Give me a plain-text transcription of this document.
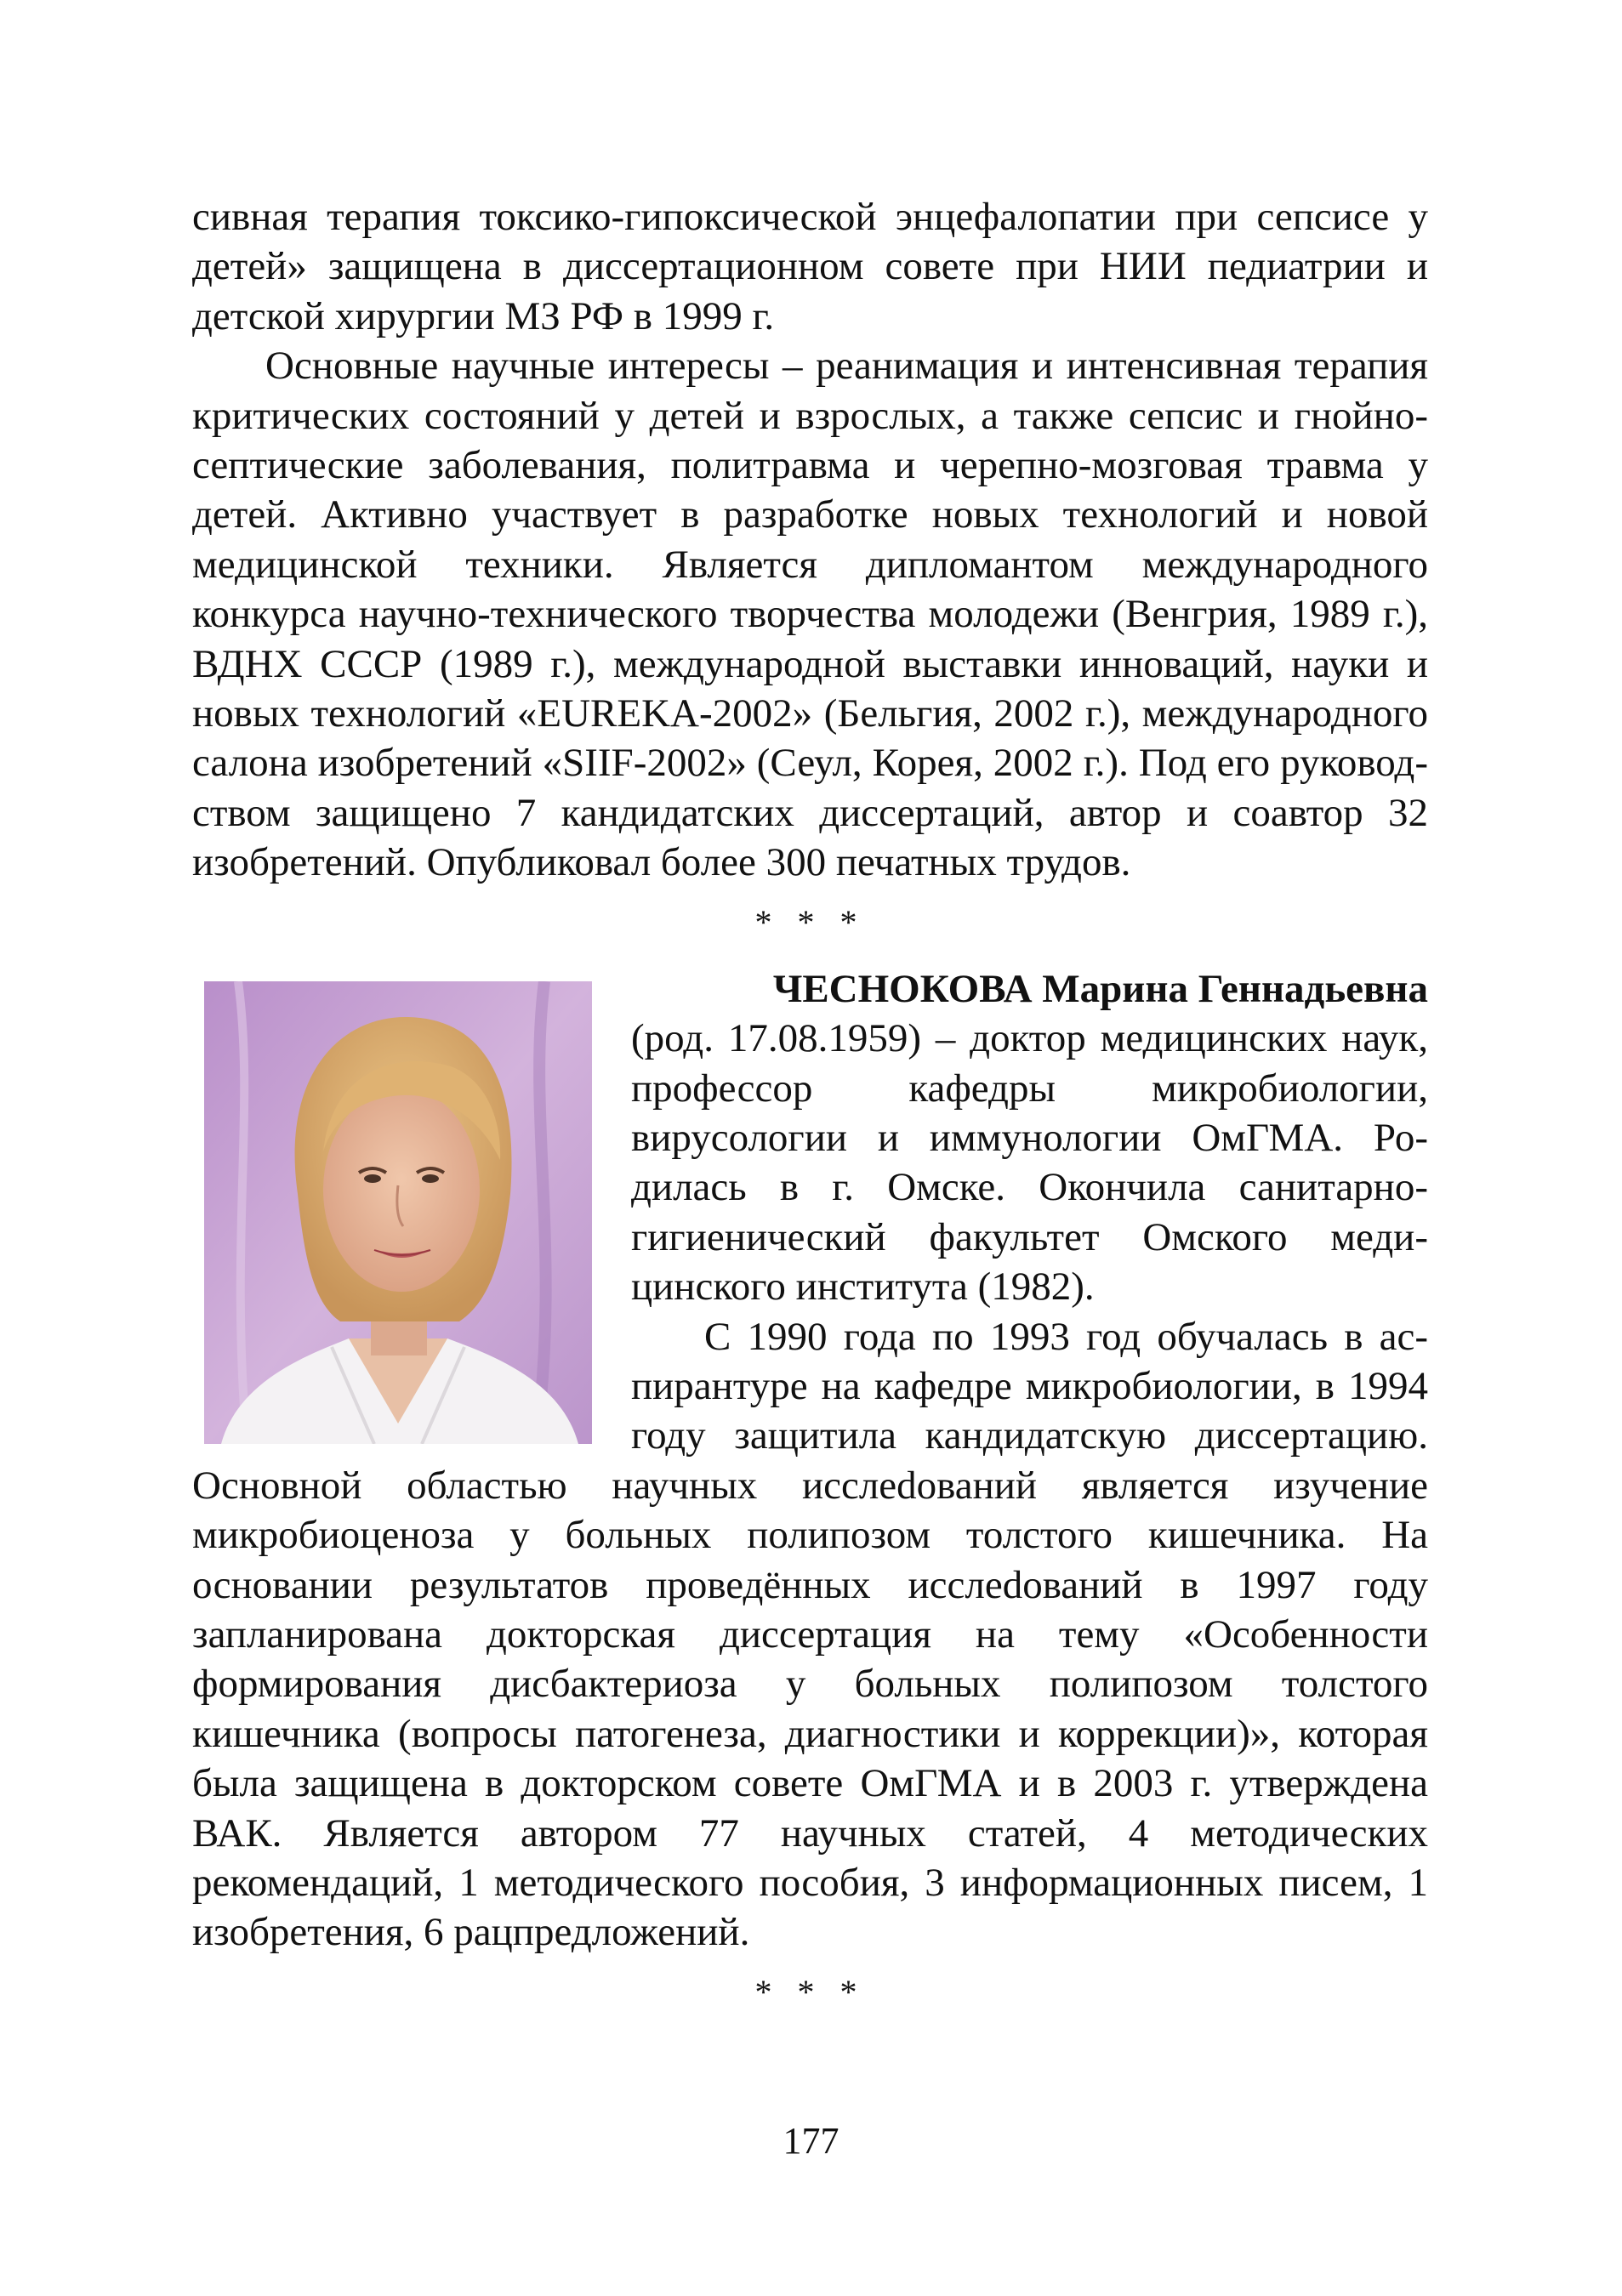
сивная терапия токсико-гипоксической энцефалопатии при сепсисе у детей» защищена в диссертационном совете при НИИ педиатрии и детской хирургии МЗ РФ в 1999 г.

Основные научные интересы – реанимация и интенсивная терапия критических состояний у детей и взрослых, а также сепсис и гнойно-септические заболевания, политравма и черепно-мозговая травма у детей. Активно участвует в разработке новых технологий и новой медицинской техники. Является дипломантом международного конкурса научно-технического творчества молодежи (Венгрия, 1989 г.), ВДНХ СССР (1989 г.), международной выставки инноваций, науки и новых технологий «EUREKA-2002» (Бельгия, 2002 г.), международного салона изобретений «SIIF-2002» (Сеул, Корея, 2002 г.). Под его руководством защищено 7 кандидатских диссертаций, автор и соавтор 32 изобретений. Опубликовал более 300 печатных трудов.

* * *

ЧЕСНОКОВА Марина Геннадьевна

(род. 17.08.1959) – доктор медицинских наук, профессор кафедры микробиологии, вирусологии и иммунологии ОмГМА. Родилась в г. Омске. Окончила санитарно-гигиенический факультет Омского медицинского института (1982).

С 1990 года по 1993 год обучалась в аспирантуре на кафедре микробиологии, в 1994 году защитила кандидатскую диссертацию. Основной областью научных исслеdований является изучение микробиоценоза у больных полипозом толстого кишечника. На основании результатов проведённых исслеdований в 1997 году запланирована докторская диссертация на тему «Особенности формирования дисбактериоза у больных полипозом толстого кишечника (вопросы патогенеза, диагностики и коррекции)», которая была защищена в докторском совете ОмГМА и в 2003 г. утверждена ВАК. Является автором 77 научных статей, 4 методических рекомендаций, 1 методического пособия, 3 информационных писем, 1 изобретения, 6 рацпредложений.

* * *

177
